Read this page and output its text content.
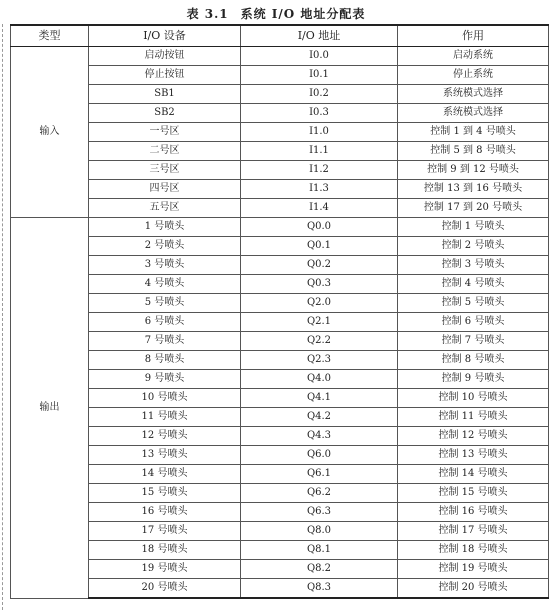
表 3.1 系统 I/O 地址分配表
类型	I/O 设备	I/O 地址	作用
输入	启动按钮	I0.0	启动系统
	停止按钮	I0.1	停止系统
	SB1	I0.2	系统模式选择
	SB2	I0.3	系统模式选择
	一号区	I1.0	控制 1 到 4 号喷头
	二号区	I1.1	控制 5 到 8 号喷头
	三号区	I1.2	控制 9 到 12 号喷头
	四号区	I1.3	控制 13 到 16 号喷头
	五号区	I1.4	控制 17 到 20 号喷头
输出	1 号喷头	Q0.0	控制 1 号喷头
	2 号喷头	Q0.1	控制 2 号喷头
	3 号喷头	Q0.2	控制 3 号喷头
	4 号喷头	Q0.3	控制 4 号喷头
	5 号喷头	Q2.0	控制 5 号喷头
	6 号喷头	Q2.1	控制 6 号喷头
	7 号喷头	Q2.2	控制 7 号喷头
	8 号喷头	Q2.3	控制 8 号喷头
	9 号喷头	Q4.0	控制 9 号喷头
	10 号喷头	Q4.1	控制 10 号喷头
	11 号喷头	Q4.2	控制 11 号喷头
	12 号喷头	Q4.3	控制 12 号喷头
	13 号喷头	Q6.0	控制 13 号喷头
	14 号喷头	Q6.1	控制 14 号喷头
	15 号喷头	Q6.2	控制 15 号喷头
	16 号喷头	Q6.3	控制 16 号喷头
	17 号喷头	Q8.0	控制 17 号喷头
	18 号喷头	Q8.1	控制 18 号喷头
	19 号喷头	Q8.2	控制 19 号喷头
	20 号喷头	Q8.3	控制 20 号喷头
